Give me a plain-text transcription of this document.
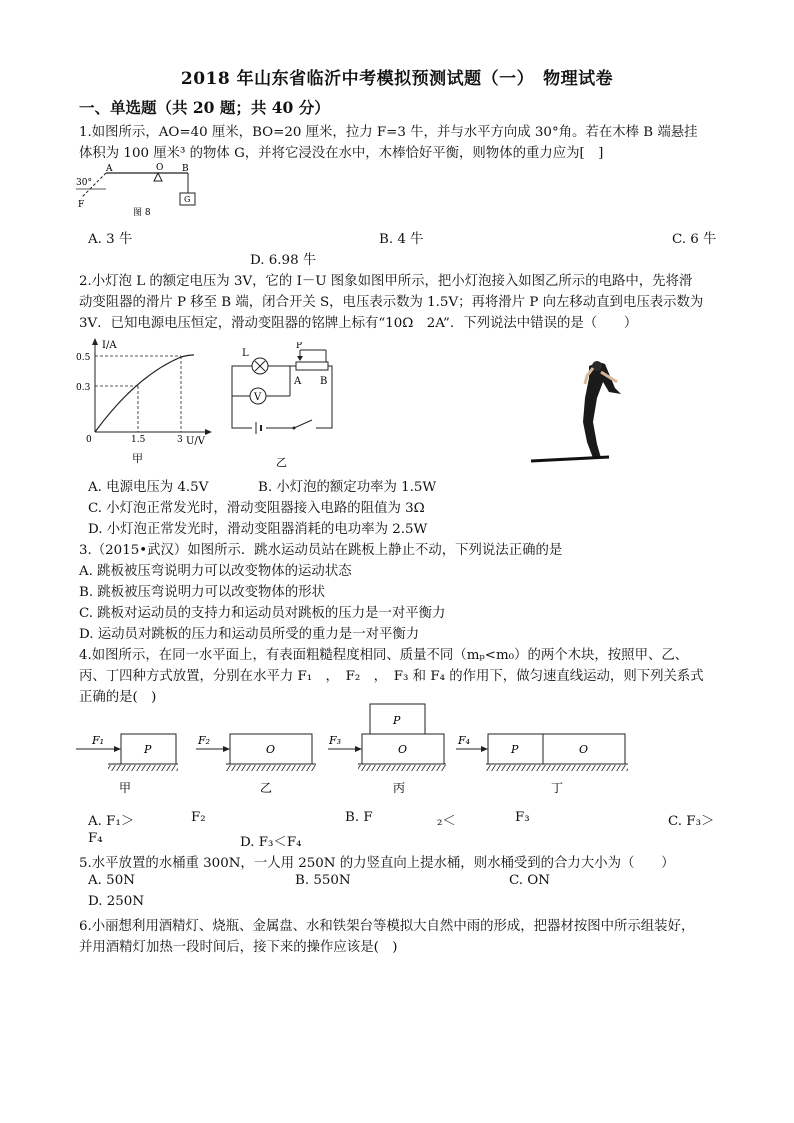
2018 年山东省临沂中考模拟预测试题（一）　物理试卷
一、单选题（共 20 题；共 40 分）
1.如图所示，AO=40 厘米，BO=20 厘米，拉力 F=3 牛，并与水平方向成 30°角。若在木棒 B 端悬挂
体积为 100 厘米³ 的物体 G，并将它浸没在水中，木棒恰好平衡，则物体的重力应为[　]
A	O B
30°
F
G
图 8
A. 3 牛	B. 4 牛	C. 6 牛
D. 6.98 牛
2.小灯泡 L 的额定电压为 3V，它的 I－U 图象如图甲所示，把小灯泡接入如图乙所示的电路中，先将滑
动变阻器的滑片 P 移至 B 端，闭合开关 S，电压表示数为 1.5V；再将滑片 P 向左移动直到电压表示数为
3V．已知电源电压恒定，滑动变阻器的铭牌上标有“10Ω　2A”．下列说法中错误的是（　　）
I/A
U/V
0.5
0.3
0	1.5	3
甲
L
P
A B
V
乙
A. 电源电压为 4.5V	B. 小灯泡的额定功率为 1.5W
C. 小灯泡正常发光时，滑动变阻器接入电路的阻值为 3Ω
D. 小灯泡正常发光时，滑动变阻器消耗的电功率为 2.5W
3.（2015•武汉）如图所示．跳水运动员站在跳板上静止不动，下列说法正确的是
A. 跳板被压弯说明力可以改变物体的运动状态
B. 跳板被压弯说明力可以改变物体的形状
C. 跳板对运动员的支持力和运动员对跳板的压力是一对平衡力
D. 运动员对跳板的压力和运动员所受的重力是一对平衡力
4.如图所示，在同一水平面上，有表面粗糙程度相同、质量不同（mₚ<m₀）的两个木块，按照甲、乙、
丙、丁四种方式放置，分别在水平力 F₁　，　F₂　，　F₃ 和 F₄ 的作用下，做匀速直线运动，则下列关系式
正确的是(　)
F₁	F₂	F₃	F₄
P	O	O
P
P	O
甲	乙	丙	丁
A. F₁＞	F₂	B. F	₂＜	F₃	C. F₃＞
F₄	D. F₃＜F₄
5.水平放置的水桶重 300N，一人用 250N 的力竖直向上提水桶，则水桶受到的合力大小为（　　）
A. 50N	B. 550N	C. ON
D. 250N
6.小丽想利用酒精灯、烧瓶、金属盘、水和铁架台等模拟大自然中雨的形成，把器材按图中所示组装好，
并用酒精灯加热一段时间后，接下来的操作应该是(　)
